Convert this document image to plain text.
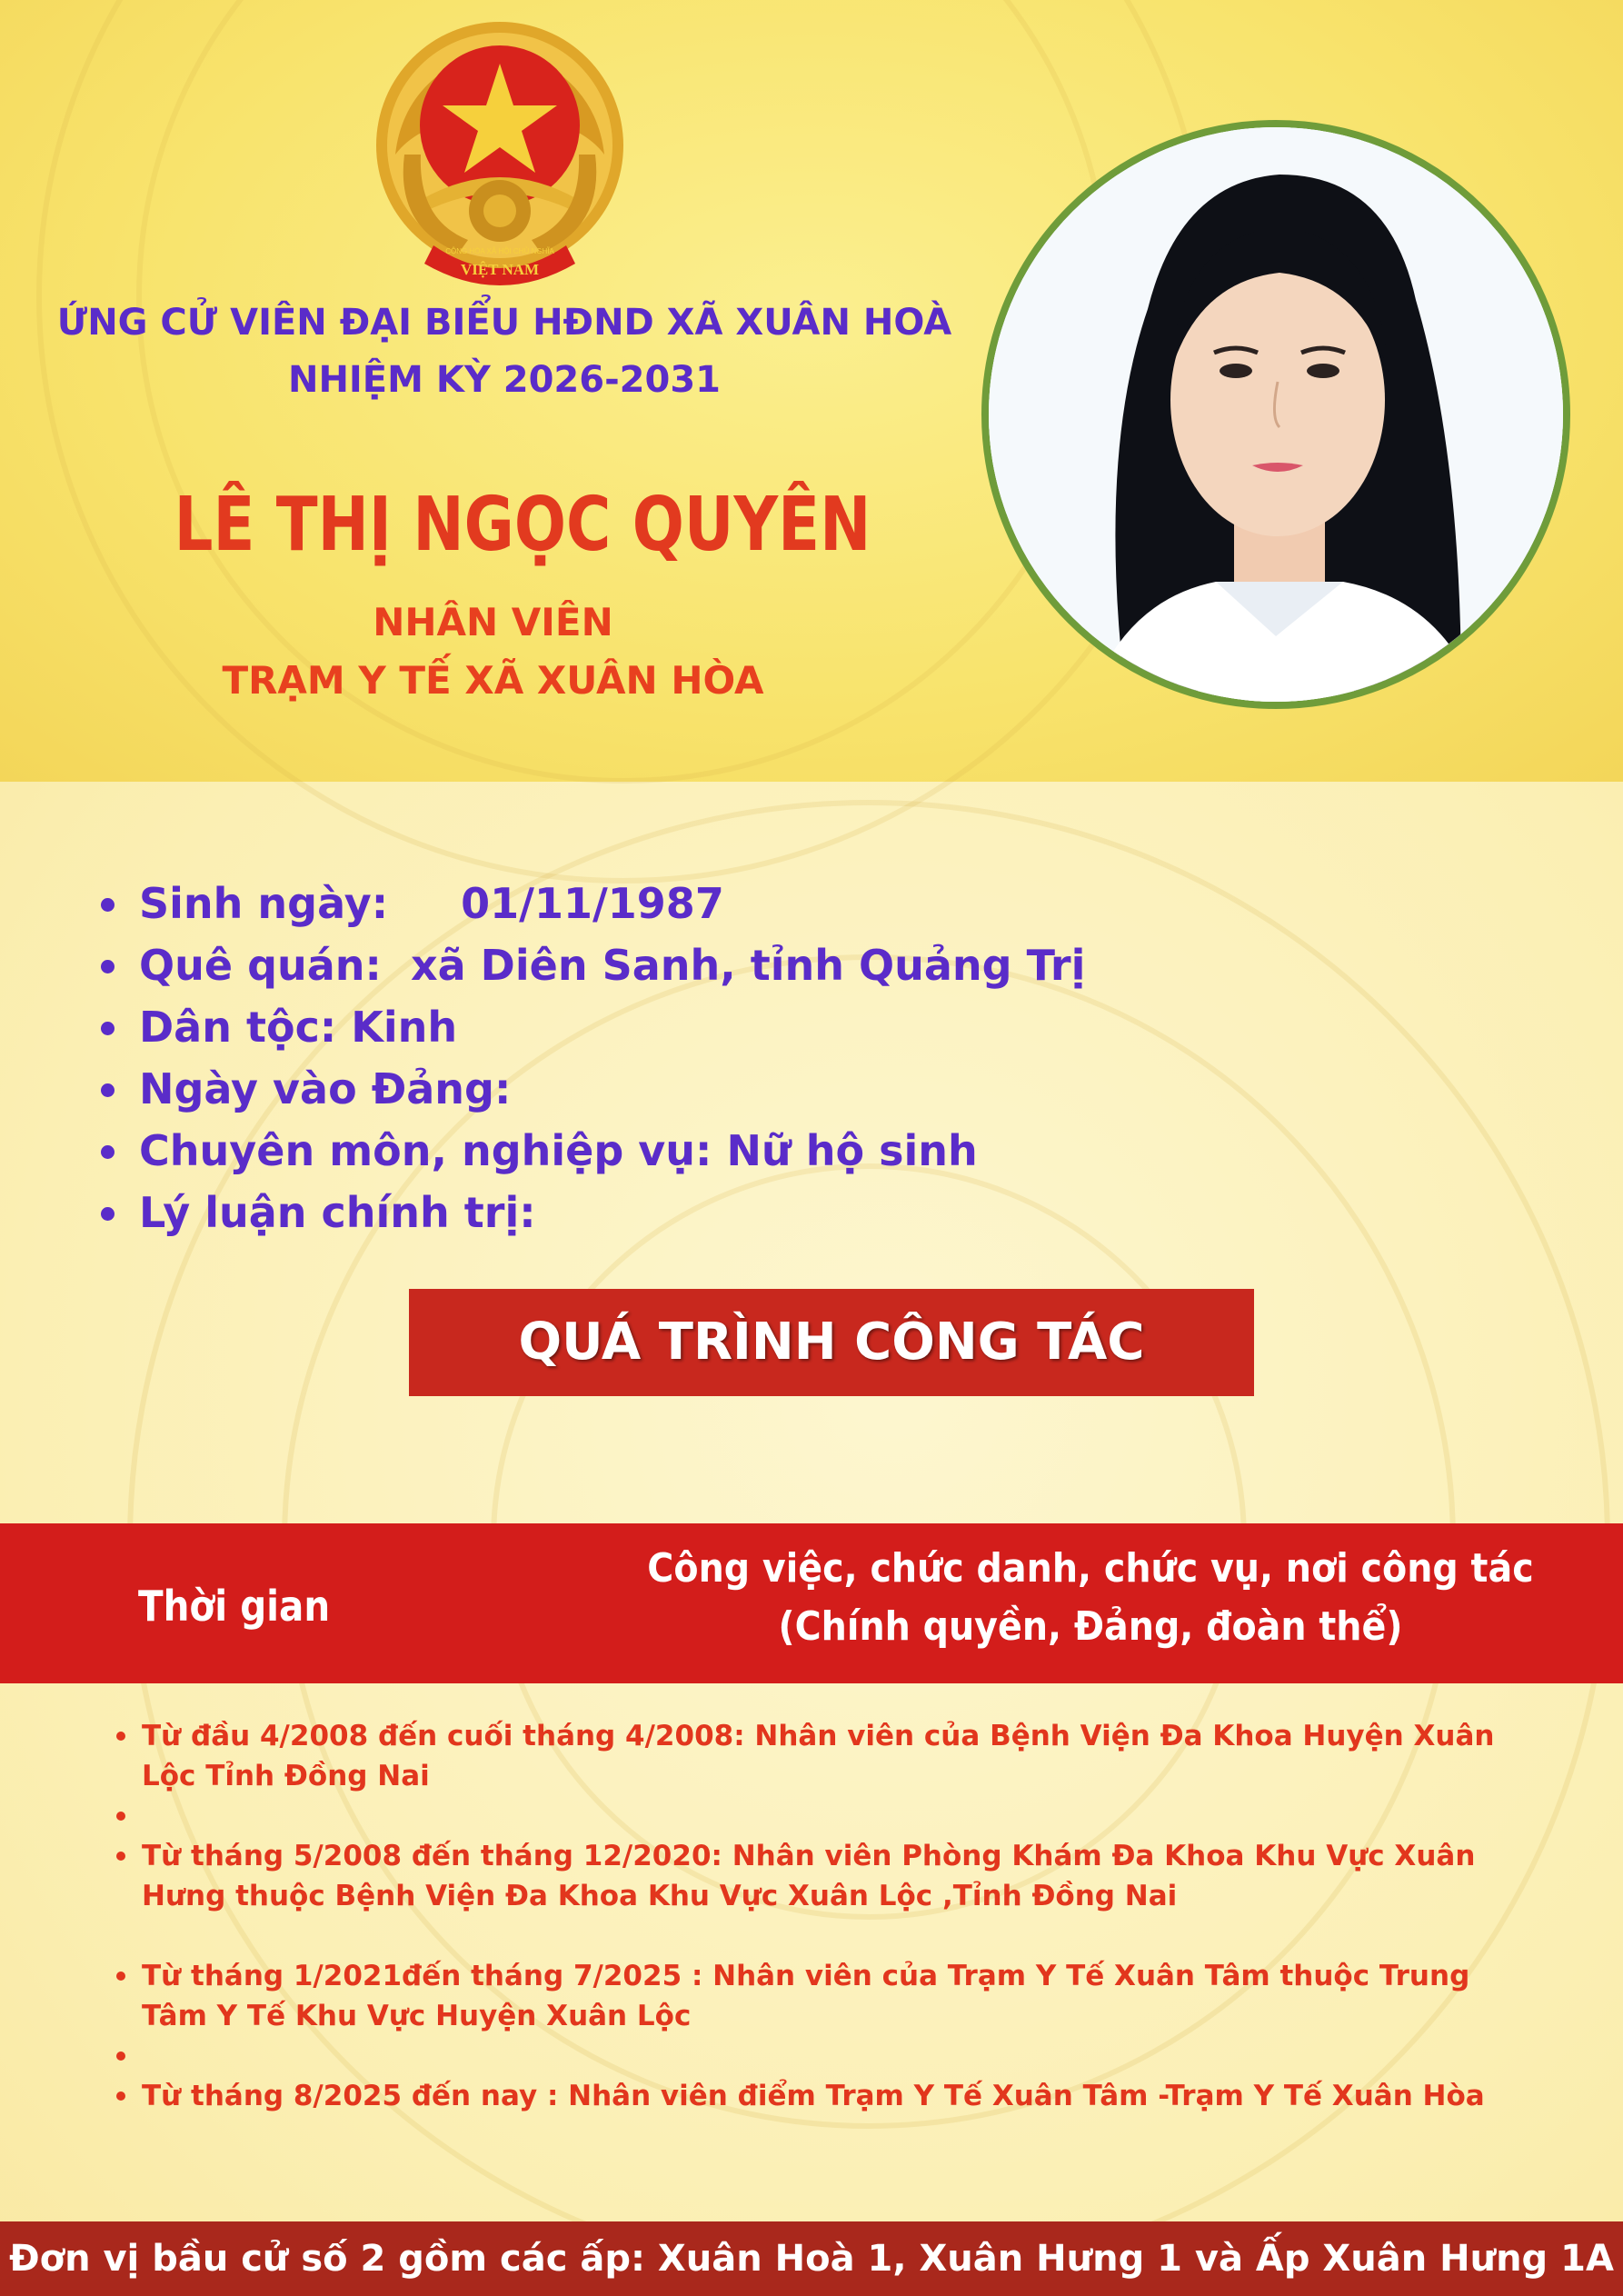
VIỆT NAM
CỘNG HÒA XÃ HỘI CHỦ NGHĨA
ỨNG CỬ VIÊN ĐẠI BIỂU HĐND XÃ XUÂN HOÀ
NHIỆM KỲ 2026-2031
LÊ THỊ NGỌC QUYÊN
NHÂN VIÊN
TRẠM Y TẾ XÃ XUÂN HÒA
Sinh ngày:     01/11/1987
Quê quán:  xã Diên Sanh, tỉnh Quảng Trị
Dân tộc: Kinh
Ngày vào Đảng:
Chuyên môn, nghiệp vụ: Nữ hộ sinh
Lý luận chính trị:
QUÁ TRÌNH CÔNG TÁC
Thời gian
Công việc, chức danh, chức vụ, nơi công tác
(Chính quyền, Đảng, đoàn thể)
Từ đầu 4/2008 đến cuối tháng 4/2008: Nhân viên của Bệnh Viện Đa Khoa Huyện Xuân Lộc Tỉnh Đồng Nai
Từ tháng 5/2008 đến tháng 12/2020: Nhân viên Phòng Khám Đa Khoa Khu Vực Xuân Hưng thuộc Bệnh Viện Đa Khoa Khu Vực Xuân Lộc ,Tỉnh Đồng Nai
Từ tháng 1/2021đến tháng 7/2025 : Nhân viên của Trạm Y Tế Xuân Tâm thuộc Trung Tâm Y Tế Khu Vực Huyện Xuân Lộc
Từ tháng 8/2025 đến nay : Nhân viên điểm Trạm Y Tế Xuân Tâm -Trạm Y Tế Xuân Hòa
Đơn vị bầu cử số 2 gồm các ấp: Xuân Hoà 1, Xuân Hưng 1 và Ấp Xuân Hưng 1A
